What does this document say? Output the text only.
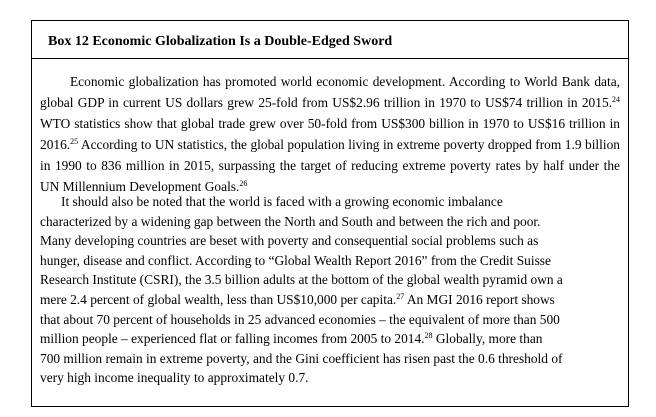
Box 12 Economic Globalization Is a Double-Edged Sword
Economic globalization has promoted world economic development. According to World Bank data, global GDP in current US dollars grew 25-fold from US$2.96 trillion in 1970 to US$74 trillion in 2015.24 WTO statistics show that global trade grew over 50-fold from US$300 billion in 1970 to US$16 trillion in 2016.25 According to UN statistics, the global population living in extreme poverty dropped from 1.9 billion in 1990 to 836 million in 2015, surpassing the target of reducing extreme poverty rates by half under the UN Millennium Development Goals.$^{26}$
It should also be noted that the world is faced with a growing economic imbalance
characterized by a widening gap between the North and South and between the rich and poor.
Many developing countries are beset with poverty and consequential social problems such as
hunger, disease and conflict. According to “Global Wealth Report 2016” from the Credit Suisse
Research Institute (CSRI), the 3.5 billion adults at the bottom of the global wealth pyramid own a
mere 2.4 percent of global wealth, less than US$10,000 per capita.$^{27}$ An MGI 2016 report shows
that about 70 percent of households in 25 advanced economies – the equivalent of more than 500
million people – experienced flat or falling incomes from 2005 to 2014.28 Globally, more than
700 million remain in extreme poverty, and the Gini coefficient has risen past the 0.6 threshold of
very high income inequality to approximately 0.7.
